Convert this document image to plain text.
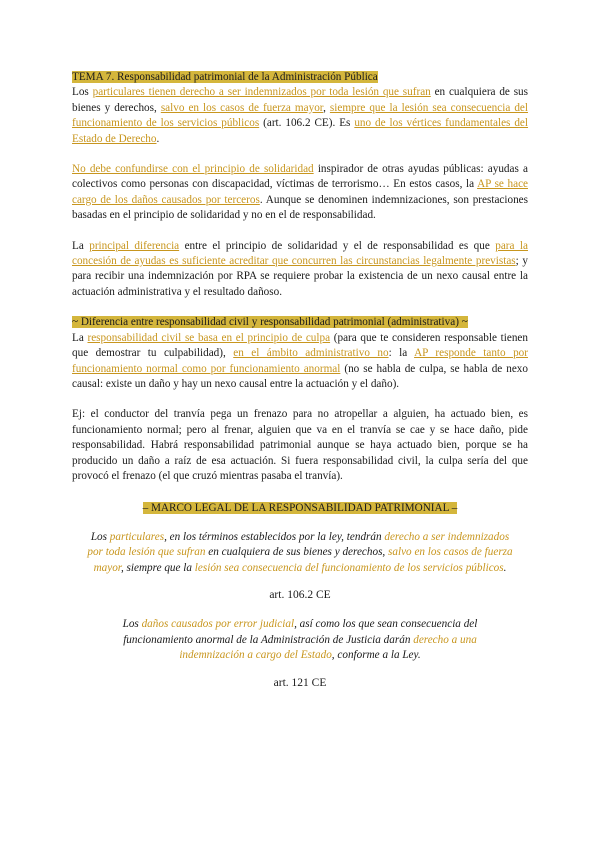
TEMA 7. Responsabilidad patrimonial de la Administración Pública

Los particulares tienen derecho a ser indemnizados por toda lesión que sufran en cualquiera de sus bienes y derechos, salvo en los casos de fuerza mayor, siempre que la lesión sea consecuencia del funcionamiento de los servicios públicos (art. 106.2 CE). Es uno de los vértices fundamentales del Estado de Derecho.

No debe confundirse con el principio de solidaridad inspirador de otras ayudas públicas: ayudas a colectivos como personas con discapacidad, víctimas de terrorismo… En estos casos, la AP se hace cargo de los daños causados por terceros. Aunque se denominen indemnizaciones, son prestaciones basadas en el principio de solidaridad y no en el de responsabilidad.

La principal diferencia entre el principio de solidaridad y el de responsabilidad es que para la concesión de ayudas es suficiente acreditar que concurren las circunstancias legalmente previstas; y para recibir una indemnización por RPA se requiere probar la existencia de un nexo causal entre la actuación administrativa y el resultado dañoso.

~ Diferencia entre responsabilidad civil y responsabilidad patrimonial (administrativa) ~

La responsabilidad civil se basa en el principio de culpa (para que te consideren responsable tienen que demostrar tu culpabilidad), en el ámbito administrativo no: la AP responde tanto por funcionamiento normal como por funcionamiento anormal (no se habla de culpa, se habla de nexo causal: existe un daño y hay un nexo causal entre la actuación y el daño).

Ej: el conductor del tranvía pega un frenazo para no atropellar a alguien, ha actuado bien, es funcionamiento normal; pero al frenar, alguien que va en el tranvía se cae y se hace daño, pide responsabilidad. Habrá responsabilidad patrimonial aunque se haya actuado bien, porque se ha producido un daño a raíz de esa actuación. Si fuera responsabilidad civil, la culpa sería del que provocó el frenazo (el que cruzó mientras pasaba el tranvía).

– MARCO LEGAL DE LA RESPONSABILIDAD PATRIMONIAL –

Los particulares, en los términos establecidos por la ley, tendrán derecho a ser indemnizados por toda lesión que sufran en cualquiera de sus bienes y derechos, salvo en los casos de fuerza mayor, siempre que la lesión sea consecuencia del funcionamiento de los servicios públicos.

art. 106.2 CE

Los daños causados por error judicial, así como los que sean consecuencia del funcionamiento anormal de la Administración de Justicia darán derecho a una indemnización a cargo del Estado, conforme a la Ley.

art. 121 CE
